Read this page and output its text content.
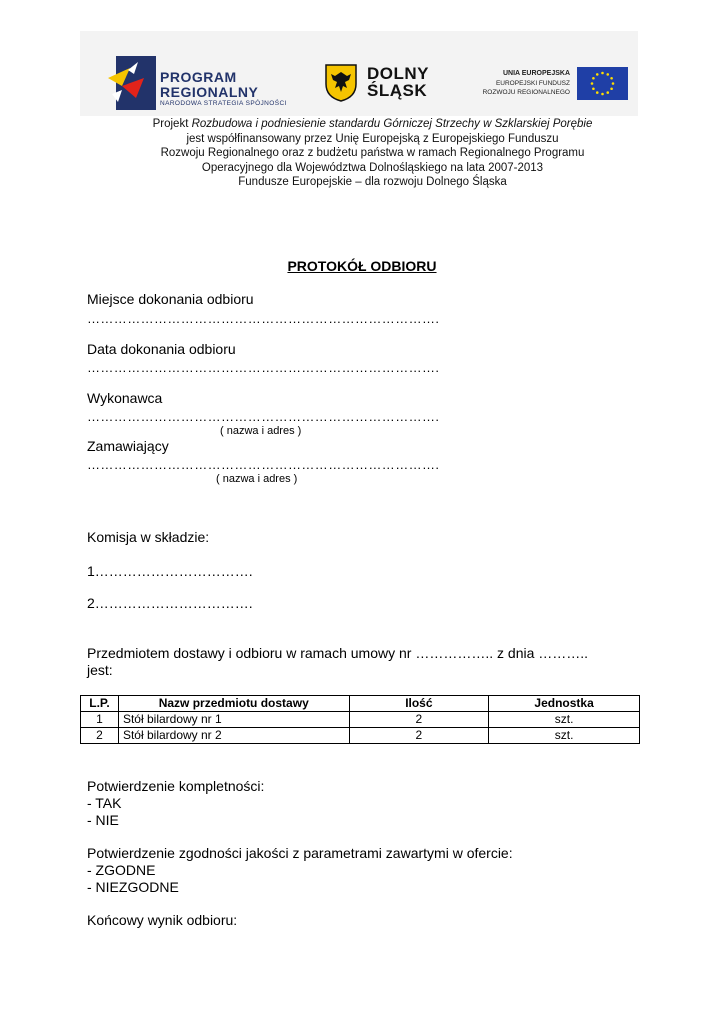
PROGRAM
REGIONALNY
NARODOWA STRATEGIA SPÓJNOŚCI
DOLNY
ŚLĄSK
UNIA EUROPEJSKA
EUROPEJSKI FUNDUSZ
ROZWOJU REGIONALNEGO
Projekt Rozbudowa i podniesienie standardu Górniczej Strzechy w Szklarskiej Porębie
jest współfinansowany przez Unię Europejską z Europejskiego Funduszu
Rozwoju Regionalnego oraz z budżetu państwa w ramach Regionalnego Programu
Operacyjnego dla Województwa Dolnośląskiego na lata 2007-2013
Fundusze Europejskie – dla rozwoju Dolnego Śląska
PROTOKÓŁ ODBIORU
Miejsce dokonania odbioru
…………………………………………………………………….
Data dokonania odbioru
…………………………………………………………………….
Wykonawca
…………………………………………………………………….
( nazwa i adres )
Zamawiający
…………………………………………………………………….
( nazwa i adres )
Komisja w składzie:
1…………………………….
2…………………………….
Przedmiotem dostawy i odbioru w ramach umowy nr …………….. z dnia ………..
jest:
L.P.	Nazw przedmiotu dostawy	Ilość	Jednostka
1	Stół bilardowy nr 1	2	szt.
2	Stół bilardowy nr 2	2	szt.
Potwierdzenie kompletności:
- TAK
- NIE
Potwierdzenie zgodności jakości z parametrami zawartymi w ofercie:
- ZGODNE
- NIEZGODNE
Końcowy wynik odbioru:
